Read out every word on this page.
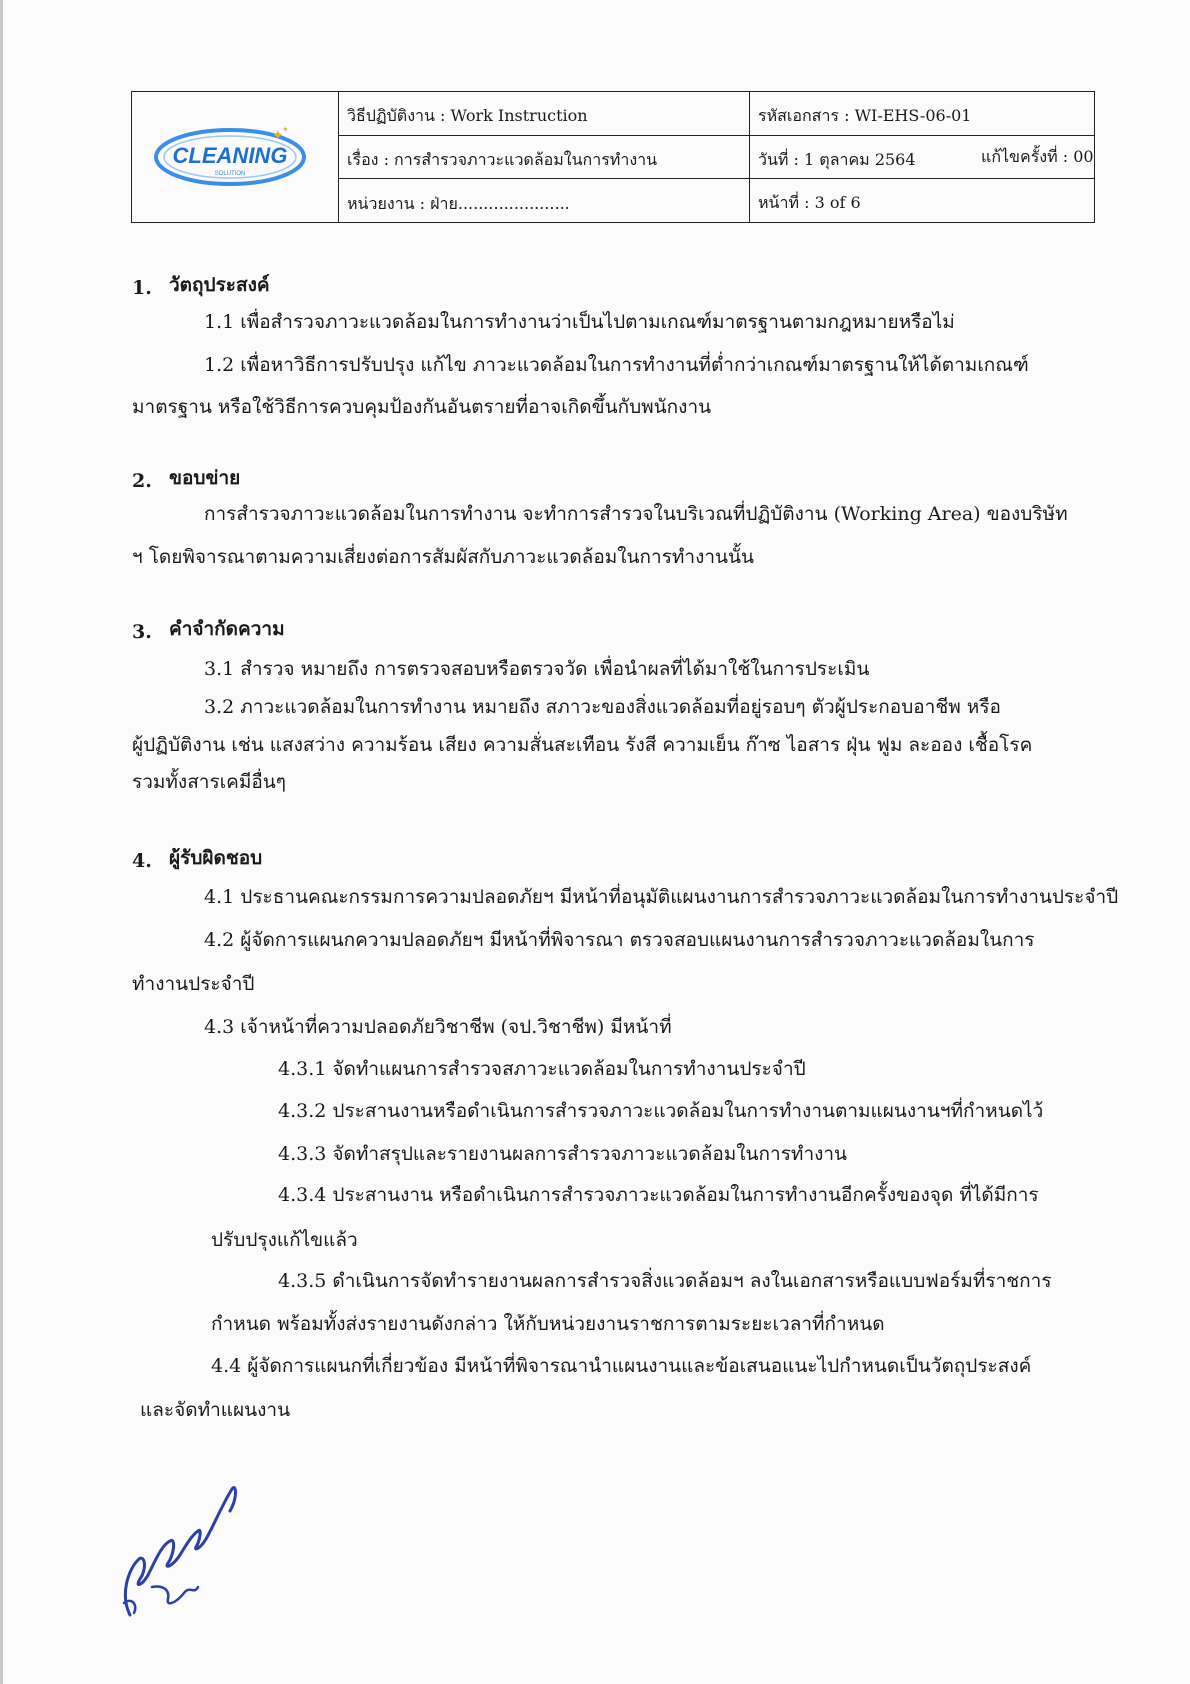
CLEANING
SOLUTION
✦
✦
วิธีปฏิบัติงาน : Work Instruction	รหัสเอกสาร : WI-EHS-06-01
เรื่อง : การสำรวจภาวะแวดล้อมในการทำงาน	วันที่ : 1 ตุลาคม 2564	แก้ไขครั้งที่ : 00
หน่วยงาน : ฝ่าย......................	หน้าที่ : 3 of 6
1. วัตถุประสงค์
1.1 เพื่อสำรวจภาวะแวดล้อมในการทำงานว่าเป็นไปตามเกณฑ์มาตรฐานตามกฎหมายหรือไม่
1.2 เพื่อหาวิธีการปรับปรุง แก้ไข ภาวะแวดล้อมในการทำงานที่ต่ำกว่าเกณฑ์มาตรฐานให้ได้ตามเกณฑ์
มาตรฐาน หรือใช้วิธีการควบคุมป้องกันอันตรายที่อาจเกิดขึ้นกับพนักงาน
2. ขอบข่าย
การสำรวจภาวะแวดล้อมในการทำงาน จะทำการสำรวจในบริเวณที่ปฏิบัติงาน (Working Area) ของบริษัท
ฯ โดยพิจารณาตามความเสี่ยงต่อการสัมผัสกับภาวะแวดล้อมในการทำงานนั้น
3. คำจำกัดความ
3.1 สำรวจ หมายถึง การตรวจสอบหรือตรวจวัด เพื่อนำผลที่ได้มาใช้ในการประเมิน
3.2 ภาวะแวดล้อมในการทำงาน หมายถึง สภาวะของสิ่งแวดล้อมที่อยู่รอบๆ ตัวผู้ประกอบอาชีพ หรือ
ผู้ปฏิบัติงาน เช่น แสงสว่าง ความร้อน เสียง ความสั่นสะเทือน รังสี ความเย็น ก๊าซ ไอสาร ฝุ่น ฟูม ละออง เชื้อโรค
รวมทั้งสารเคมีอื่นๆ
4. ผู้รับผิดชอบ
4.1 ประธานคณะกรรมการความปลอดภัยฯ มีหน้าที่อนุมัติแผนงานการสำรวจภาวะแวดล้อมในการทำงานประจำปี
4.2 ผู้จัดการแผนกความปลอดภัยฯ มีหน้าที่พิจารณา ตรวจสอบแผนงานการสำรวจภาวะแวดล้อมในการ
ทำงานประจำปี
4.3 เจ้าหน้าที่ความปลอดภัยวิชาชีพ (จป.วิชาชีพ) มีหน้าที่
4.3.1 จัดทำแผนการสำรวจสภาวะแวดล้อมในการทำงานประจำปี
4.3.2 ประสานงานหรือดำเนินการสำรวจภาวะแวดล้อมในการทำงานตามแผนงานฯที่กำหนดไว้
4.3.3 จัดทำสรุปและรายงานผลการสำรวจภาวะแวดล้อมในการทำงาน
4.3.4 ประสานงาน หรือดำเนินการสำรวจภาวะแวดล้อมในการทำงานอีกครั้งของจุด ที่ได้มีการ
ปรับปรุงแก้ไขแล้ว
4.3.5 ดำเนินการจัดทำรายงานผลการสำรวจสิ่งแวดล้อมฯ ลงในเอกสารหรือแบบฟอร์มที่ราชการ
กำหนด พร้อมทั้งส่งรายงานดังกล่าว ให้กับหน่วยงานราชการตามระยะเวลาที่กำหนด
4.4 ผู้จัดการแผนกที่เกี่ยวข้อง มีหน้าที่พิจารณานำแผนงานและข้อเสนอแนะไปกำหนดเป็นวัตถุประสงค์
และจัดทำแผนงาน
